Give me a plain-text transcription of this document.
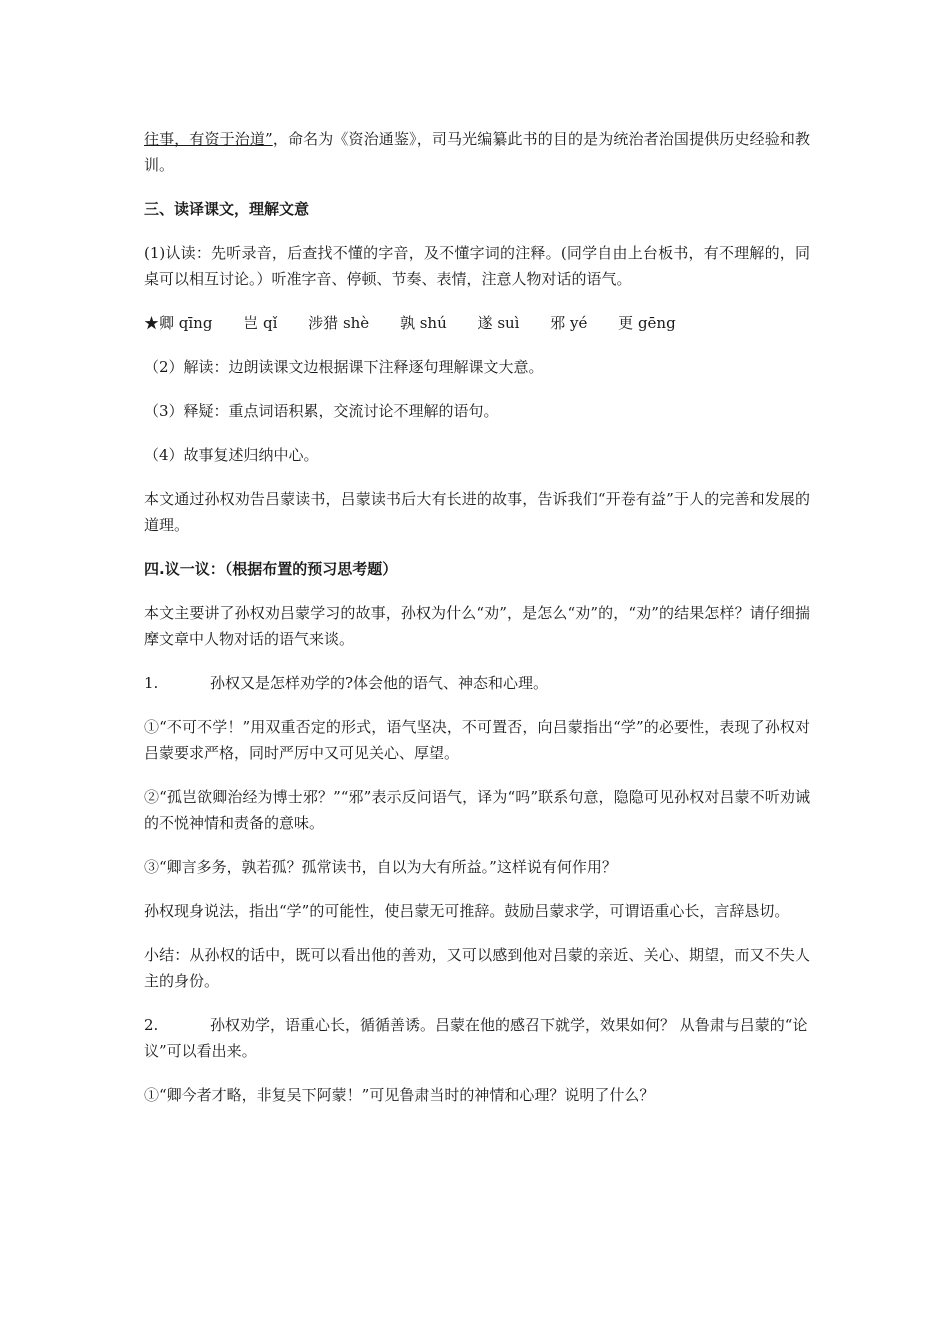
往事，有资于治道”，命名为《资治通鉴》，司马光编纂此书的目的是为统治者治国提供历史经验和教训。

三、读译课文，理解文意

(1)认读：先听录音，后查找不懂的字音，及不懂字词的注释。(同学自由上台板书，有不理解的，同桌可以相互讨论。）听准字音、停顿、节奏、表情，注意人物对话的语气。

★卿 qīng 岂 qǐ 涉猎 shè 孰 shú 遂 suì 邪 yé 更 gēng

（2）解读：边朗读课文边根据课下注释逐句理解课文大意。

（3）释疑：重点词语积累，交流讨论不理解的语句。

（4）故事复述归纳中心。

本文通过孙权劝告吕蒙读书，吕蒙读书后大有长进的故事，告诉我们“开卷有益”于人的完善和发展的道理。

四.议一议：（根据布置的预习思考题）

本文主要讲了孙权劝吕蒙学习的故事，孙权为什么“劝”，是怎么“劝”的，“劝”的结果怎样？请仔细揣摩文章中人物对话的语气来谈。

1.	孙权又是怎样劝学的?体会他的语气、神态和心理。

①“不可不学！”用双重否定的形式，语气坚决，不可置否，向吕蒙指出“学”的必要性，表现了孙权对吕蒙要求严格，同时严厉中又可见关心、厚望。

②“孤岂欲卿治经为博士邪？”“邪”表示反问语气，译为“吗”联系句意，隐隐可见孙权对吕蒙不听劝诫的不悦神情和责备的意味。

③“卿言多务，孰若孤？孤常读书，自以为大有所益。”这样说有何作用？

孙权现身说法，指出“学”的可能性，使吕蒙无可推辞。鼓励吕蒙求学，可谓语重心长，言辞恳切。

小结：从孙权的话中，既可以看出他的善劝，又可以感到他对吕蒙的亲近、关心、期望，而又不失人主的身份。

2.	孙权劝学，语重心长，循循善诱。吕蒙在他的感召下就学，效果如何？ 从鲁肃与吕蒙的“论议”可以看出来。

①“卿今者才略，非复吴下阿蒙！”可见鲁肃当时的神情和心理？说明了什么？
